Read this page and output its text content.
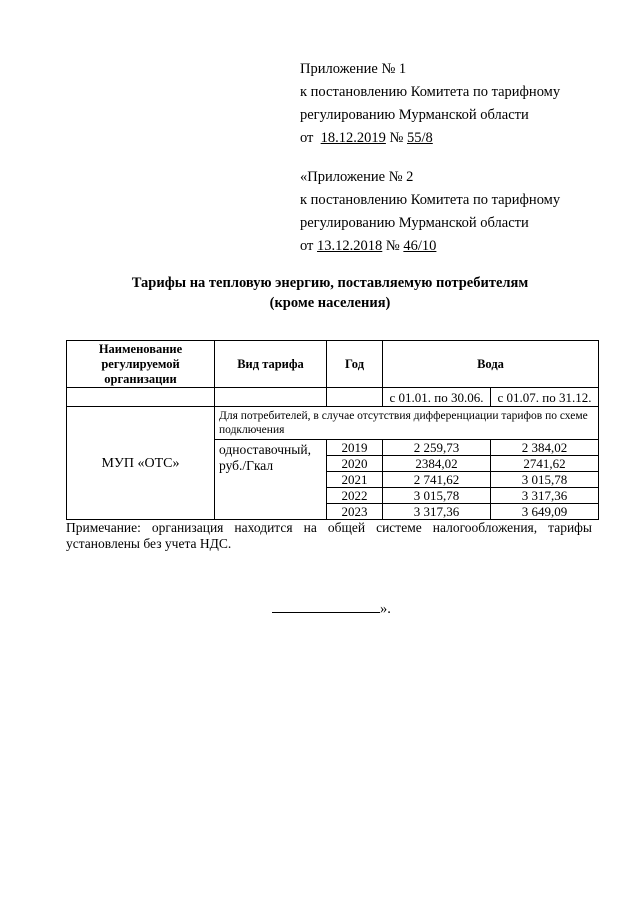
Приложение № 1
к постановлению Комитета по тарифному
регулированию Мурманской области
от  18.12.2019 № 55/8
«Приложение № 2
к постановлению Комитета по тарифному
регулированию Мурманской области
от 13.12.2018 № 46/10
Тарифы на тепловую энергию, поставляемую потребителям
(кроме населения)
Наименование регулируемой организации	Вид тарифа	Год	Вода	
			с 01.01. по 30.06.	с 01.07. по 31.12.
МУП «ОТС»	Для потребителей, в случае отсутствия дифференциации тарифов по схеме подключения			
	одноставочный, руб./Гкал	2019	2 259,73	2 384,02
		2020	2384,02	2741,62
		2021	2 741,62	3 015,78
		2022	3 015,78	3 317,36
		2023	3 317,36	3 649,09
Примечание: организация находится на общей системе налогообложения, тарифы
установлены без учета НДС.
».
